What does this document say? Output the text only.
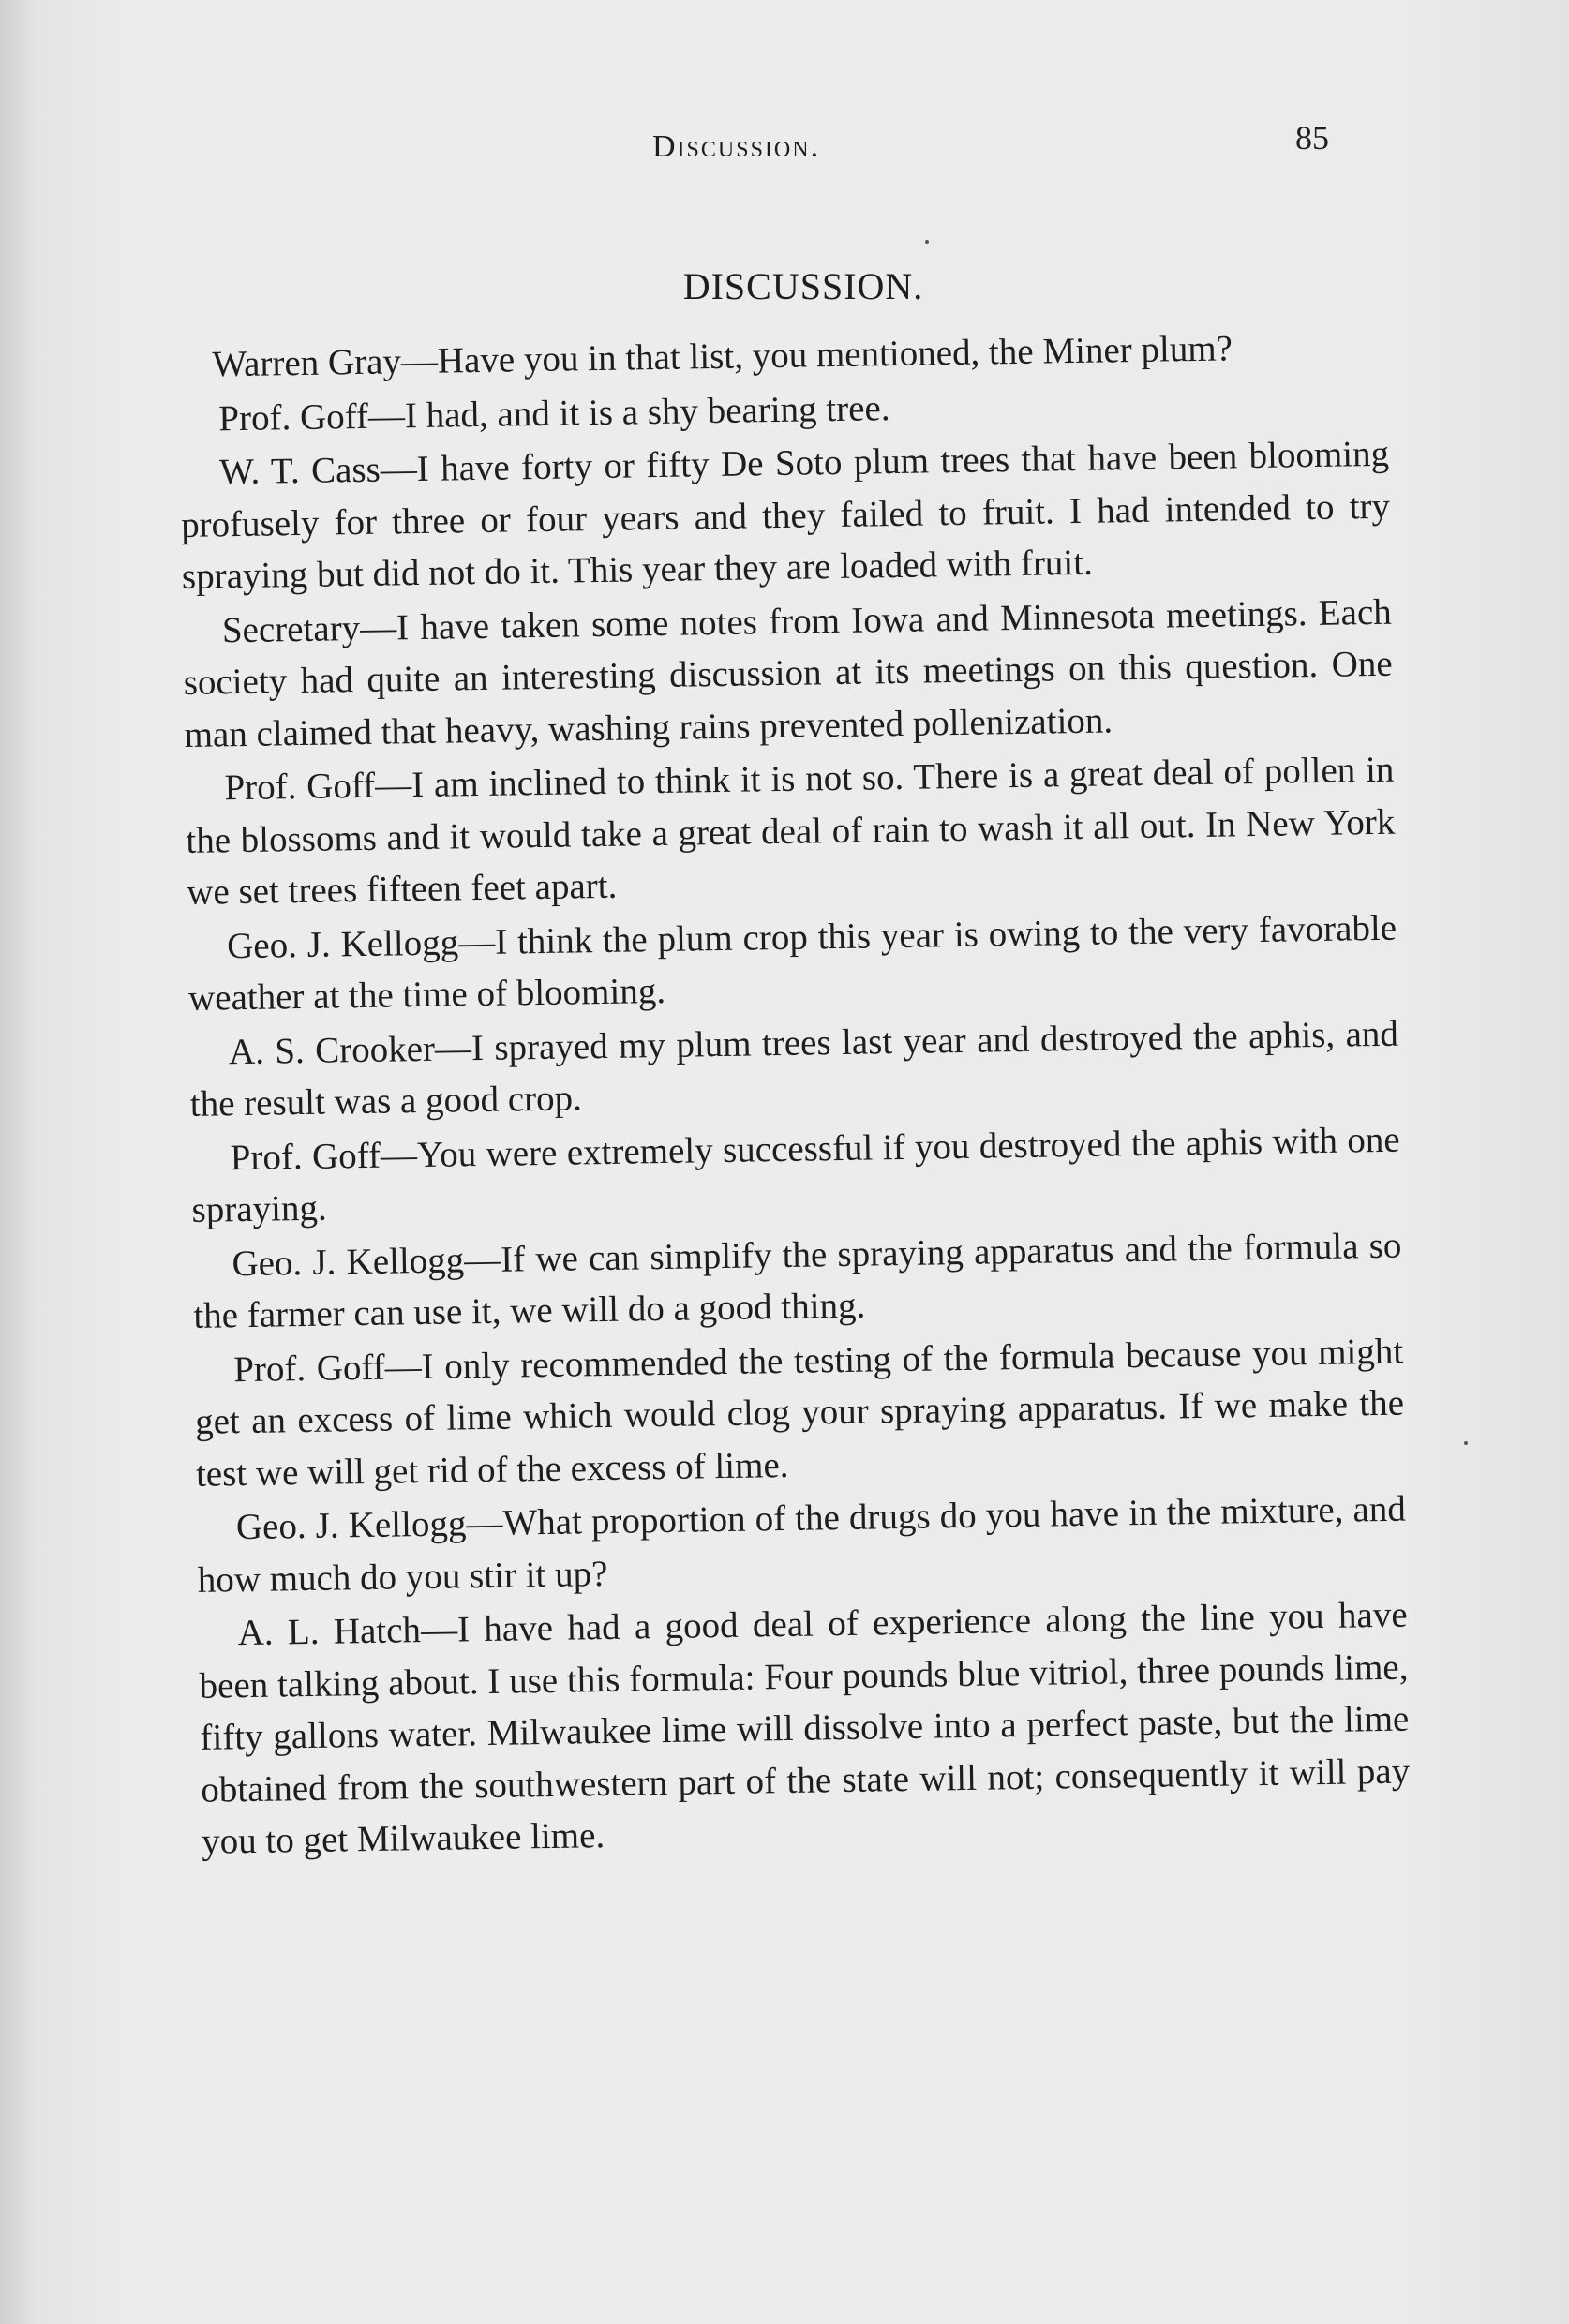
Discussion.	85
DISCUSSION.

Warren Gray—Have you in that list, you mentioned, the Miner plum?

Prof. Goff—I had, and it is a shy bearing tree.

W. T. Cass—I have forty or fifty De Soto plum trees that have been blooming profusely for three or four years and they failed to fruit. I had intended to try spraying but did not do it. This year they are loaded with fruit.

Secretary—I have taken some notes from Iowa and Minnesota meetings. Each society had quite an interesting discussion at its meetings on this question. One man claimed that heavy, washing rains prevented pollenization.

Prof. Goff—I am inclined to think it is not so. There is a great deal of pollen in the blossoms and it would take a great deal of rain to wash it all out. In New York we set trees fifteen feet apart.

Geo. J. Kellogg—I think the plum crop this year is owing to the very favorable weather at the time of blooming.

A. S. Crooker—I sprayed my plum trees last year and destroyed the aphis, and the result was a good crop.

Prof. Goff—You were extremely successful if you destroyed the aphis with one spraying.

Geo. J. Kellogg—If we can simplify the spraying apparatus and the formula so the farmer can use it, we will do a good thing.

Prof. Goff—I only recommended the testing of the formula because you might get an excess of lime which would clog your spraying apparatus. If we make the test we will get rid of the excess of lime.

Geo. J. Kellogg—What proportion of the drugs do you have in the mixture, and how much do you stir it up?

A. L. Hatch—I have had a good deal of experience along the line you have been talking about. I use this formula: Four pounds blue vitriol, three pounds lime, fifty gallons water. Milwaukee lime will dissolve into a perfect paste, but the lime obtained from the southwestern part of the state will not; consequently it will pay you to get Milwaukee lime.
